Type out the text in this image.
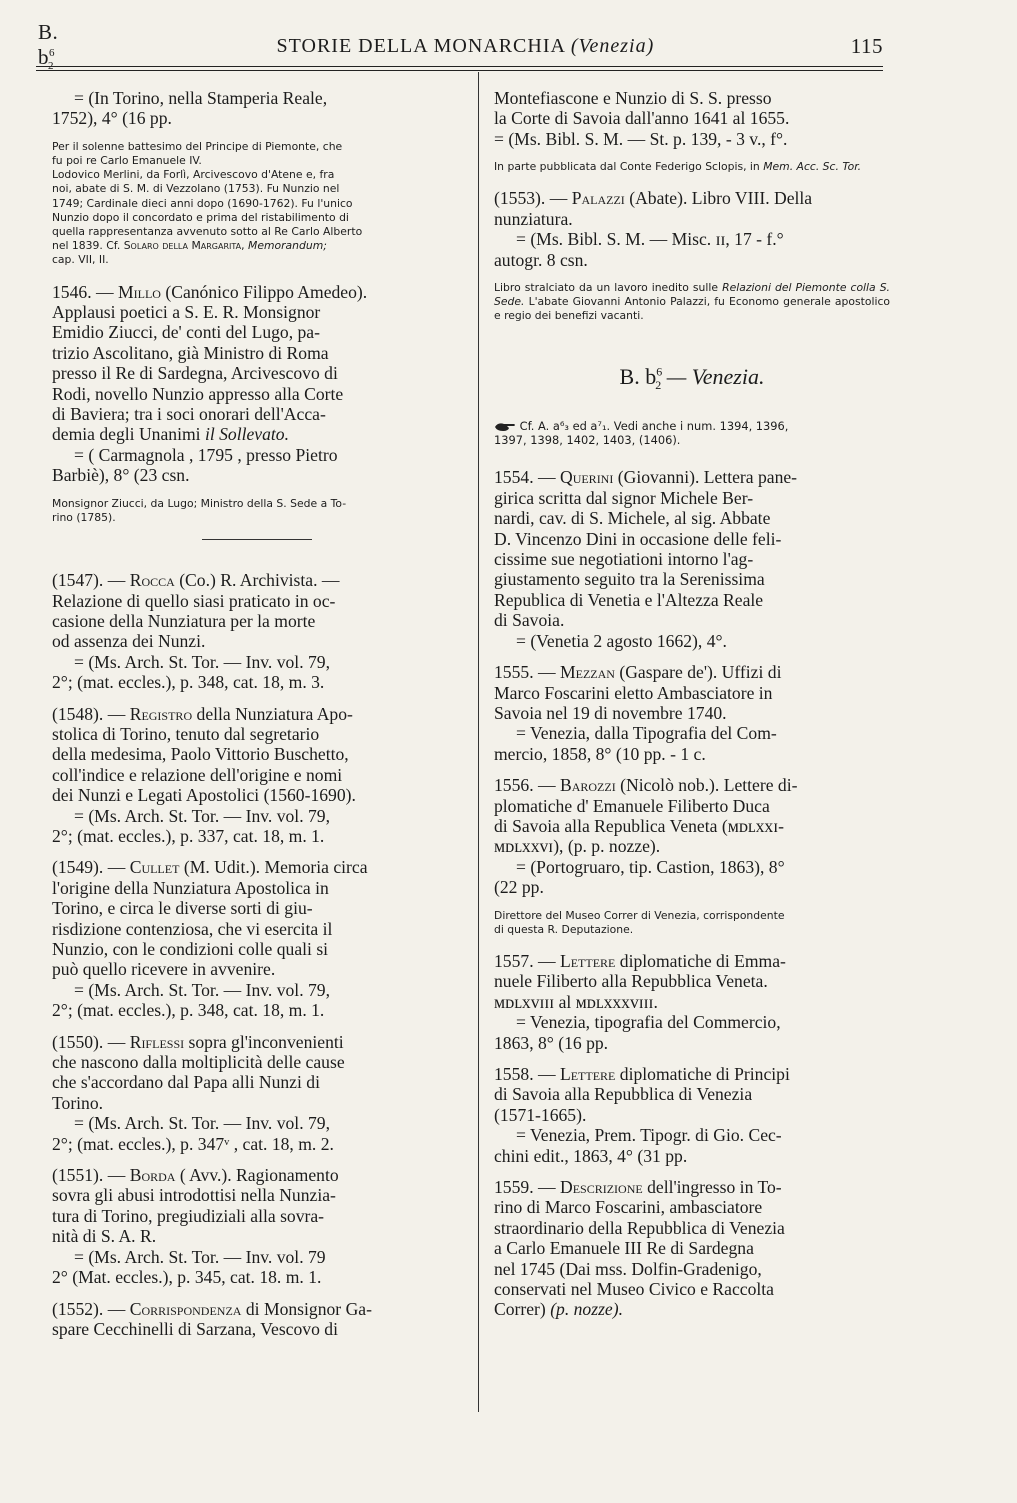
B. $b^6_2$
STORIE DELLA MONARCHIA (Venezia)	115
= (In Torino, nella Stamperia Reale,
1752), 4° (16 pp.
Per il solenne battesimo del Principe di Piemonte, che
fu poi re Carlo Emanuele IV.
Lodovico Merlini, da Forlì, Arcivescovo d'Atene e, fra
noi, abate di S. M. di Vezzolano (1753). Fu Nunzio nel
1749; Cardinale dieci anni dopo (1690-1762). Fu l'unico
Nunzio dopo il concordato e prima del ristabilimento di
quella rappresentanza avvenuto sotto al Re Carlo Alberto
nel 1839. Cf. Solaro della Margarita, Memorandum;
cap. VII, II.
1546. — Millo (Canónico Filippo Amedeo).
Applausi poetici a S. E. R. Monsignor
Emidio Ziucci, de' conti del Lugo, pa-
trizio Ascolitano, già Ministro di Roma
presso il Re di Sardegna, Arcivescovo di
Rodi, novello Nunzio appresso alla Corte
di Baviera; tra i soci onorari dell'Acca-
demia degli Unanimi il Sollevato.
= ( Carmagnola , 1795 , presso Pietro
Barbiè), 8° (23 csn.
Monsignor Ziucci, da Lugo; Ministro della S. Sede a To-
rino (1785).
(1547). — Rocca (Co.) R. Archivista. —
Relazione di quello siasi praticato in oc-
casione della Nunziatura per la morte
od assenza dei Nunzi.
= (Ms. Arch. St. Tor. — Inv. vol. 79,
2°; (mat. eccles.), p. 348, cat. 18, m. 3.
(1548). — Registro della Nunziatura Apo-
stolica di Torino, tenuto dal segretario
della medesima, Paolo Vittorio Buschetto,
coll'indice e relazione dell'origine e nomi
dei Nunzi e Legati Apostolici (1560-1690).
= (Ms. Arch. St. Tor. — Inv. vol. 79,
2°; (mat. eccles.), p. 337, cat. 18, m. 1.
(1549). — Cullet (M. Udit.). Memoria circa
l'origine della Nunziatura Apostolica in
Torino, e circa le diverse sorti di giu-
risdizione contenziosa, che vi esercita il
Nunzio, con le condizioni colle quali si
può quello ricevere in avvenire.
= (Ms. Arch. St. Tor. — Inv. vol. 79,
2°; (mat. eccles.), p. 348, cat. 18, m. 1.
(1550). — Riflessi sopra gl'inconvenienti
che nascono dalla moltiplicità delle cause
che s'accordano dal Papa alli Nunzi di
Torino.
= (Ms. Arch. St. Tor. — Inv. vol. 79,
2°; (mat. eccles.), p. 347ᵛ , cat. 18, m. 2.
(1551). — Borda ( Avv.). Ragionamento
sovra gli abusi introdottisi nella Nunzia-
tura di Torino, pregiudiziali alla sovra-
nità di S. A. R.
= (Ms. Arch. St. Tor. — Inv. vol. 79
2° (Mat. eccles.), p. 345, cat. 18. m. 1.
(1552). — Corrispondenza di Monsignor Ga-
spare Cecchinelli di Sarzana, Vescovo di
Montefiascone e Nunzio di S. S. presso
la Corte di Savoia dall'anno 1641 al 1655.
= (Ms. Bibl. S. M. — St. p. 139, - 3 v., f°.
In parte pubblicata dal Conte Federigo Sclopis, in Mem. Acc. Sc. Tor.
(1553). — Palazzi (Abate). Libro VIII. Della
nunziatura.
= (Ms. Bibl. S. M. — Misc. ɪɪ, 17 - f.°
autogr. 8 csn.
Libro stralciato da un lavoro inedito sulle Relazioni del Piemonte colla S. Sede. L'abate Giovanni Antonio Palazzi, fu Economo generale apostolico e regio dei benefizi vacanti.
B. $b^6_2$ — Venezia.
Cf. A. a⁶₃ ed a⁷₁. Vedi anche i num. 1394, 1396,
1397, 1398, 1402, 1403, (1406).
1554. — Querini (Giovanni). Lettera pane-
girica scritta dal signor Michele Ber-
nardi, cav. di S. Michele, al sig. Abbate
D. Vincenzo Dini in occasione delle feli-
cissime sue negotiationi intorno l'ag-
giustamento seguito tra la Serenissima
Republica di Venetia e l'Altezza Reale
di Savoia.
= (Venetia 2 agosto 1662), 4°.
1555. — Mezzan (Gaspare de'). Uffizi di
Marco Foscarini eletto Ambasciatore in
Savoia nel 19 di novembre 1740.
= Venezia, dalla Tipografia del Com-
mercio, 1858, 8° (10 pp. - 1 c.
1556. — Barozzi (Nicolò nob.). Lettere di-
plomatiche d' Emanuele Filiberto Duca
di Savoia alla Republica Veneta (ᴍᴅʟxxɪ-
ᴍᴅʟxxᴠɪ), (p. p. nozze).
= (Portogruaro, tip. Castion, 1863), 8°
(22 pp.
Direttore del Museo Correr di Venezia, corrispondente
di questa R. Deputazione.
1557. — Lettere diplomatiche di Emma-
nuele Filiberto alla Repubblica Veneta.
ᴍᴅʟxᴠɪɪɪ al ᴍᴅʟxxxᴠɪɪɪ.
= Venezia, tipografia del Commercio,
1863, 8° (16 pp.
1558. — Lettere diplomatiche di Principi
di Savoia alla Repubblica di Venezia
(1571-1665).
= Venezia, Prem. Tipogr. di Gio. Cec-
chini edit., 1863, 4° (31 pp.
1559. — Descrizione dell'ingresso in To-
rino di Marco Foscarini, ambasciatore
straordinario della Repubblica di Venezia
a Carlo Emanuele III Re di Sardegna
nel 1745 (Dai mss. Dolfin-Gradenigo,
conservati nel Museo Civico e Raccolta
Correr) (p. nozze).
